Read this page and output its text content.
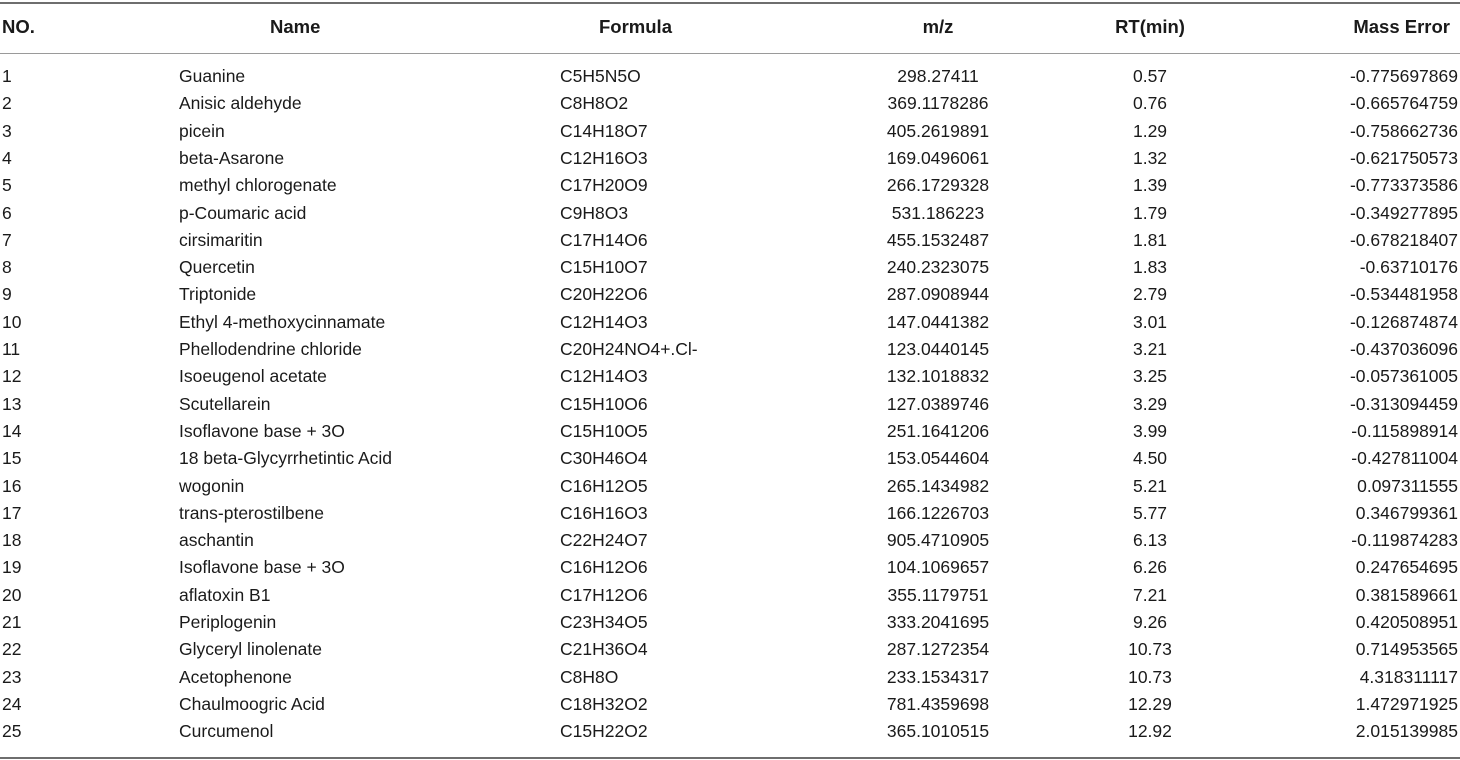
NO.	Name	Formula	m/z	RT(min)	Mass Error
1	Guanine	C5H5N5O	298.27411	0.57	-0.775697869
2	Anisic aldehyde	C8H8O2	369.1178286	0.76	-0.665764759
3	picein	C14H18O7	405.2619891	1.29	-0.758662736
4	beta-Asarone	C12H16O3	169.0496061	1.32	-0.621750573
5	methyl chlorogenate	C17H20O9	266.1729328	1.39	-0.773373586
6	p-Coumaric acid	C9H8O3	531.186223	1.79	-0.349277895
7	cirsimaritin	C17H14O6	455.1532487	1.81	-0.678218407
8	Quercetin	C15H10O7	240.2323075	1.83	-0.63710176
9	Triptonide	C20H22O6	287.0908944	2.79	-0.534481958
10	Ethyl 4-methoxycinnamate	C12H14O3	147.0441382	3.01	-0.126874874
11	Phellodendrine chloride	C20H24NO4+.Cl-	123.0440145	3.21	-0.437036096
12	Isoeugenol acetate	C12H14O3	132.1018832	3.25	-0.057361005
13	Scutellarein	C15H10O6	127.0389746	3.29	-0.313094459
14	Isoflavone base + 3O	C15H10O5	251.1641206	3.99	-0.115898914
15	18 beta-Glycyrrhetintic Acid	C30H46O4	153.0544604	4.50	-0.427811004
16	wogonin	C16H12O5	265.1434982	5.21	0.097311555
17	trans-pterostilbene	C16H16O3	166.1226703	5.77	0.346799361
18	aschantin	C22H24O7	905.4710905	6.13	-0.119874283
19	Isoflavone base + 3O	C16H12O6	104.1069657	6.26	0.247654695
20	aflatoxin B1	C17H12O6	355.1179751	7.21	0.381589661
21	Periplogenin	C23H34O5	333.2041695	9.26	0.420508951
22	Glyceryl linolenate	C21H36O4	287.1272354	10.73	0.714953565
23	Acetophenone	C8H8O	233.1534317	10.73	4.318311117
24	Chaulmoogric Acid	C18H32O2	781.4359698	12.29	1.472971925
25	Curcumenol	C15H22O2	365.1010515	12.92	2.015139985
